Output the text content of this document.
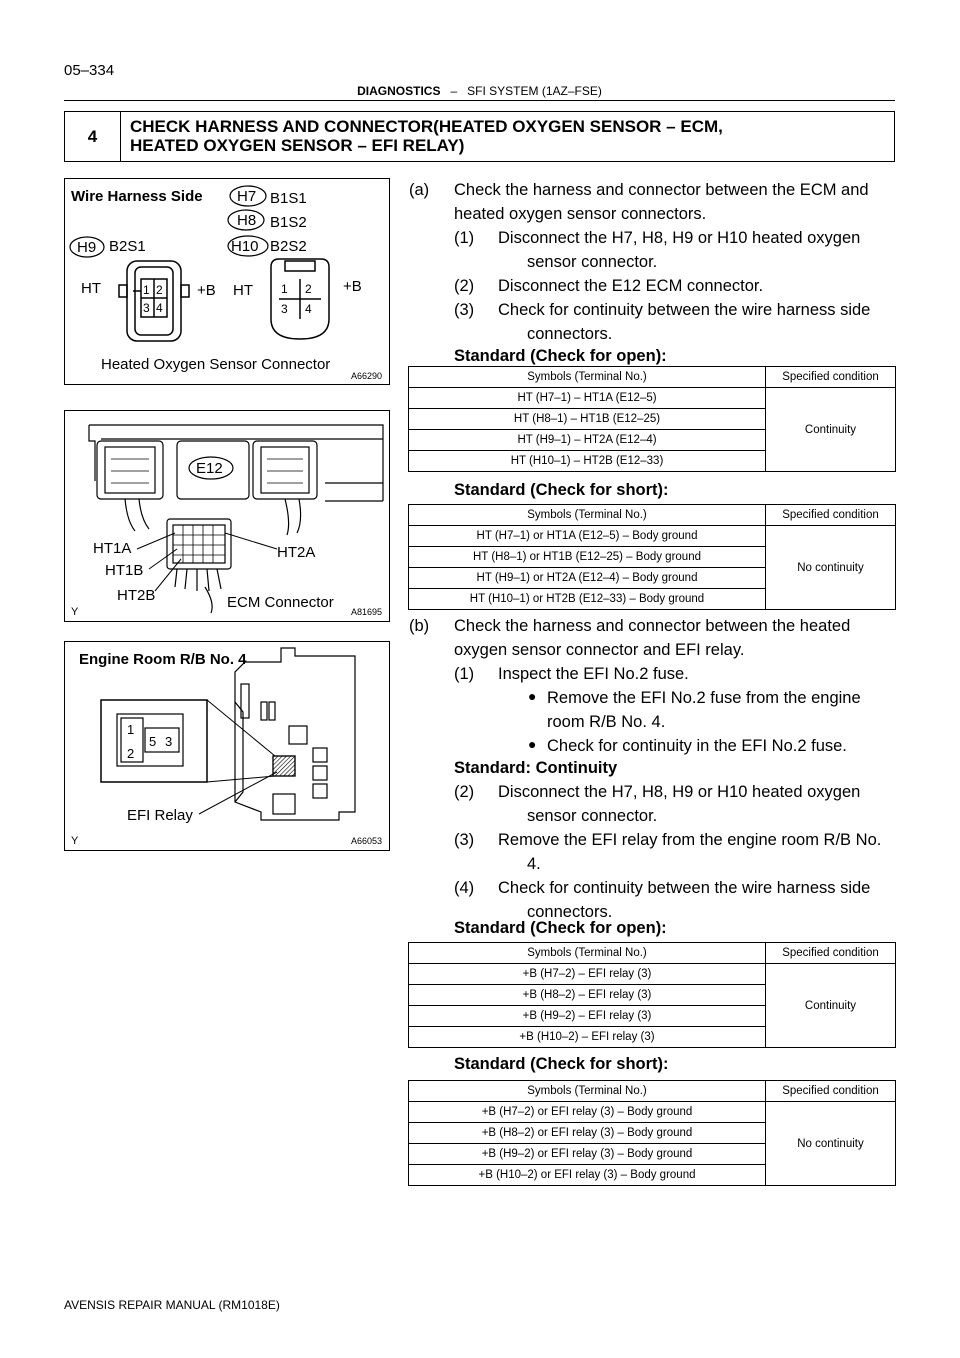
05–334
DIAGNOSTICS – SFI SYSTEM (1AZ–FSE)
4	CHECK HARNESS AND CONNECTOR(HEATED OXYGEN SENSOR – ECM,
HEATED OXYGEN SENSOR – EFI RELAY)
Wire Harness Side H7 B1S1
H8 B1S2
H10 B2S2
H9 B2S1
1 2
3 4
HT	+B	1 2
3 4
HT	+B
Heated Oxygen Sensor Connector
A66290
E12
HT1A
HT1B
HT2A
HT2B	ECM Connector
Y	A81695
Engine Room R/B No. 4
1
2
5 3
EFI Relay
Y	A66053
(a) Check the harness and connector between the ECM and
heated oxygen sensor connectors.
(1) Disconnect the H7, H8, H9 or H10 heated oxygen
sensor connector.
(2) Disconnect the E12 ECM connector.
(3) Check for continuity between the wire harness side
connectors.
Standard (Check for open):
Symbols (Terminal No.)	Specified condition
HT (H7–1) – HT1A (E12–5)	Continuity
HT (H8–1) – HT1B (E12–25)	
HT (H9–1) – HT2A (E12–4)	
HT (H10–1) – HT2B (E12–33)	
Standard (Check for short):
Symbols (Terminal No.)	Specified condition
HT (H7–1) or HT1A (E12–5) – Body ground	No continuity
HT (H8–1) or HT1B (E12–25) – Body ground	
HT (H9–1) or HT2A (E12–4) – Body ground	
HT (H10–1) or HT2B (E12–33) – Body ground	
(b) Check the harness and connector between the heated
oxygen sensor connector and EFI relay.
(1) Inspect the EFI No.2 fuse.
● Remove the EFI No.2 fuse from the engine
room R/B No. 4.
● Check for continuity in the EFI No.2 fuse.
Standard: Continuity
(2) Disconnect the H7, H8, H9 or H10 heated oxygen
sensor connector.
(3) Remove the EFI relay from the engine room R/B No.
4.
(4) Check for continuity between the wire harness side
connectors.
Standard (Check for open):
Symbols (Terminal No.)	Specified condition
+B (H7–2) – EFI relay (3)	Continuity
+B (H8–2) – EFI relay (3)	
+B (H9–2) – EFI relay (3)	
+B (H10–2) – EFI relay (3)	
Standard (Check for short):
Symbols (Terminal No.)	Specified condition
+B (H7–2) or EFI relay (3) – Body ground	No continuity
+B (H8–2) or EFI relay (3) – Body ground	
+B (H9–2) or EFI relay (3) – Body ground	
+B (H10–2) or EFI relay (3) – Body ground	
AVENSIS REPAIR MANUAL (RM1018E)
